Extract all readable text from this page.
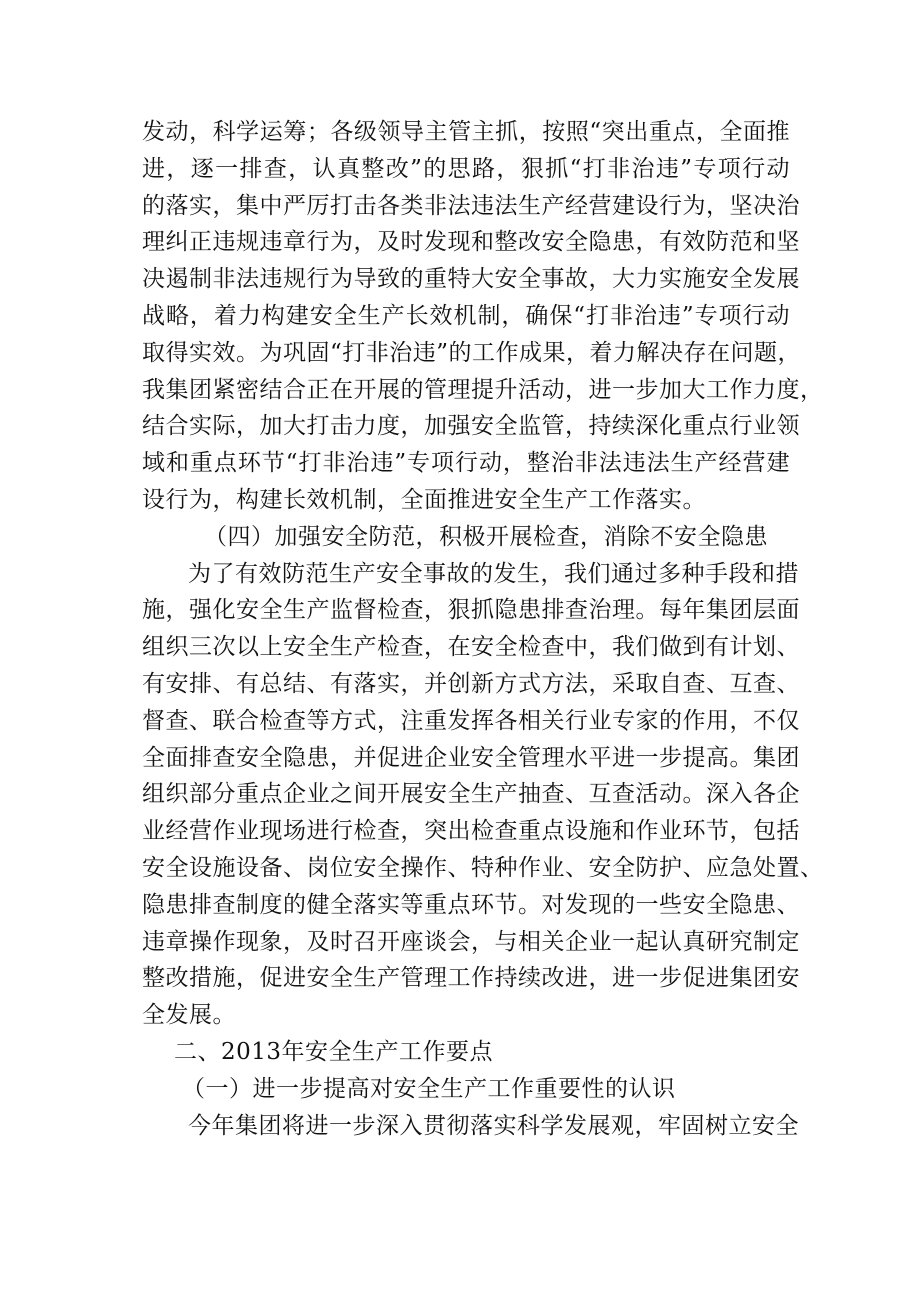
发动，科学运筹；各级领导主管主抓，按照“突出重点，全面推
进，逐一排查，认真整改”的思路，狠抓“打非治违”专项行动
的落实，集中严厉打击各类非法违法生产经营建设行为，坚决治
理纠正违规违章行为，及时发现和整改安全隐患，有效防范和坚
决遏制非法违规行为导致的重特大安全事故，大力实施安全发展
战略，着力构建安全生产长效机制，确保“打非治违”专项行动
取得实效。为巩固“打非治违”的工作成果，着力解决存在问题，
我集团紧密结合正在开展的管理提升活动，进一步加大工作力度，
结合实际，加大打击力度，加强安全监管，持续深化重点行业领
域和重点环节“打非治违”专项行动，整治非法违法生产经营建
设行为，构建长效机制，全面推进安全生产工作落实。
（四）加强安全防范，积极开展检查，消除不安全隐患
为了有效防范生产安全事故的发生，我们通过多种手段和措
施，强化安全生产监督检查，狠抓隐患排查治理。每年集团层面
组织三次以上安全生产检查，在安全检查中，我们做到有计划、
有安排、有总结、有落实，并创新方式方法，采取自查、互查、
督查、联合检查等方式，注重发挥各相关行业专家的作用，不仅
全面排查安全隐患，并促进企业安全管理水平进一步提高。集团
组织部分重点企业之间开展安全生产抽查、互查活动。深入各企
业经营作业现场进行检查，突出检查重点设施和作业环节，包括
安全设施设备、岗位安全操作、特种作业、安全防护、应急处置、
隐患排查制度的健全落实等重点环节。对发现的一些安全隐患、
违章操作现象，及时召开座谈会，与相关企业一起认真研究制定
整改措施，促进安全生产管理工作持续改进，进一步促进集团安
全发展。
二、2013年安全生产工作要点
（一）进一步提高对安全生产工作重要性的认识
今年集团将进一步深入贯彻落实科学发展观，牢固树立安全
